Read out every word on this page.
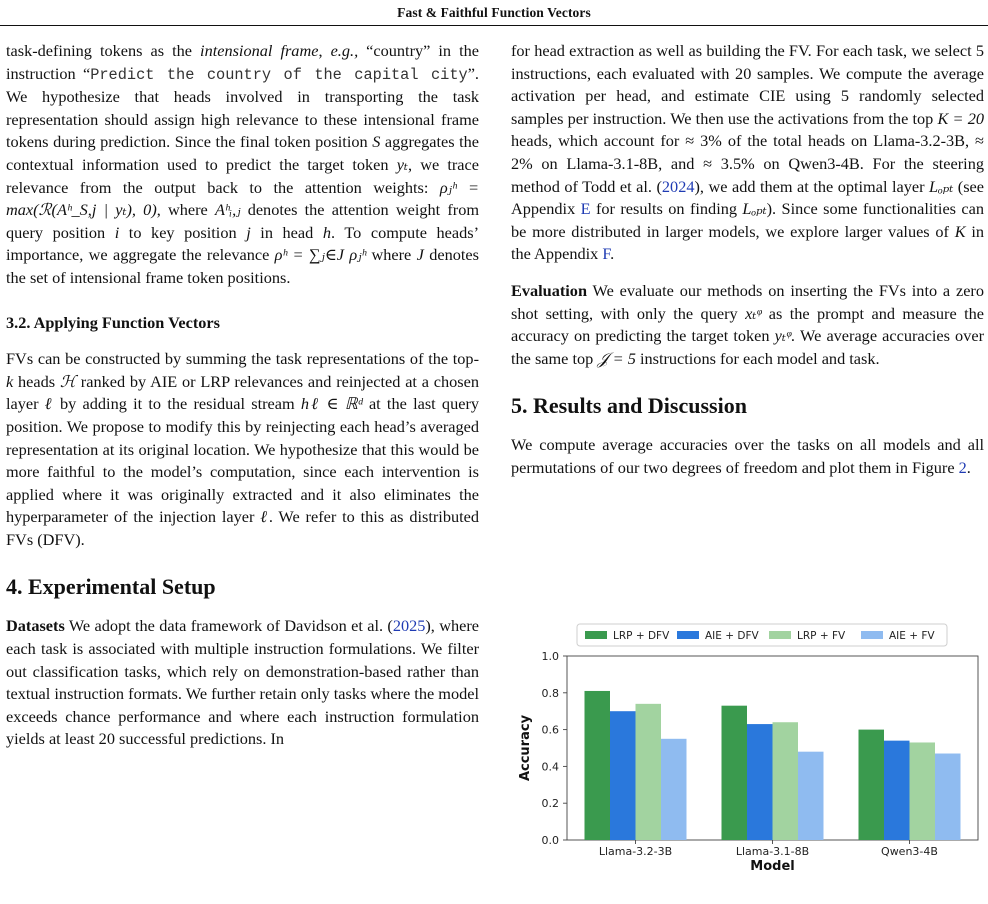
Fast & Faithful Function Vectors

task-defining tokens as the intensional frame, e.g., “country” in the instruction “Predict the country of the capital city”. We hypothesize that heads involved in transporting the task representation should assign high relevance to these intensional frame tokens during prediction. Since the final token position S aggregates the contextual information used to predict the target token yₜ, we trace relevance from the output back to the attention weights: ρⱼʰ = max(ℛ(Aʰ_S,j | yₜ), 0), where Aʰᵢ,ⱼ denotes the attention weight from query position i to key position j in head h. To compute heads’ importance, we aggregate the relevance ρʰ = ∑ⱼ∈J ρⱼʰ where J denotes the set of intensional frame token positions.

3.2. Applying Function Vectors

FVs can be constructed by summing the task representations of the top-k heads ℋ ranked by AIE or LRP relevances and reinjected at a chosen layer ℓ by adding it to the residual stream hℓ ∈ ℝᵈ at the last query position. We propose to modify this by reinjecting each head’s averaged representation at its original location. We hypothesize that this would be more faithful to the model’s computation, since each intervention is applied where it was originally extracted and it also eliminates the hyperparameter of the injection layer ℓ. We refer to this as distributed FVs (DFV).

4. Experimental Setup

Datasets We adopt the data framework of Davidson et al. (2025), where each task is associated with multiple instruction formulations. We filter out classification tasks, which rely on demonstration-based rather than textual instruction formats. We further retain only tasks where the model exceeds chance performance and where each instruction formulation yields at least 20 successful predictions. In

for head extraction as well as building the FV. For each task, we select 5 instructions, each evaluated with 20 samples. We compute the average activation per head, and estimate CIE using 5 randomly selected samples per instruction. We then use the activations from the top K = 20 heads, which account for ≈ 3% of the total heads on Llama-3.2-3B, ≈ 2% on Llama-3.1-8B, and ≈ 3.5% on Qwen3-4B. For the steering method of Todd et al. (2024), we add them at the optimal layer Lₒₚₜ (see Appendix E for results on finding Lₒₚₜ). Since some functionalities can be more distributed in larger models, we explore larger values of K in the Appendix F.

Evaluation We evaluate our methods on inserting the FVs into a zero shot setting, with only the query xₜᵠ as the prompt and measure the accuracy on predicting the target token yₜᵠ. We average accuracies over the same top 𝒥 = 5 instructions for each model and task.

5. Results and Discussion

We compute average accuracies over the tasks on all models and all permutations of our two degrees of freedom and plot them in Figure 2.

0.0
0.2
0.4
0.6
0.8
1.0
Accuracy
Llama-3.2-3B	Llama-3.1-8B	Qwen3-4B
Model
LRP + DFV	AIE + DFV	LRP + FV	AIE + FV
